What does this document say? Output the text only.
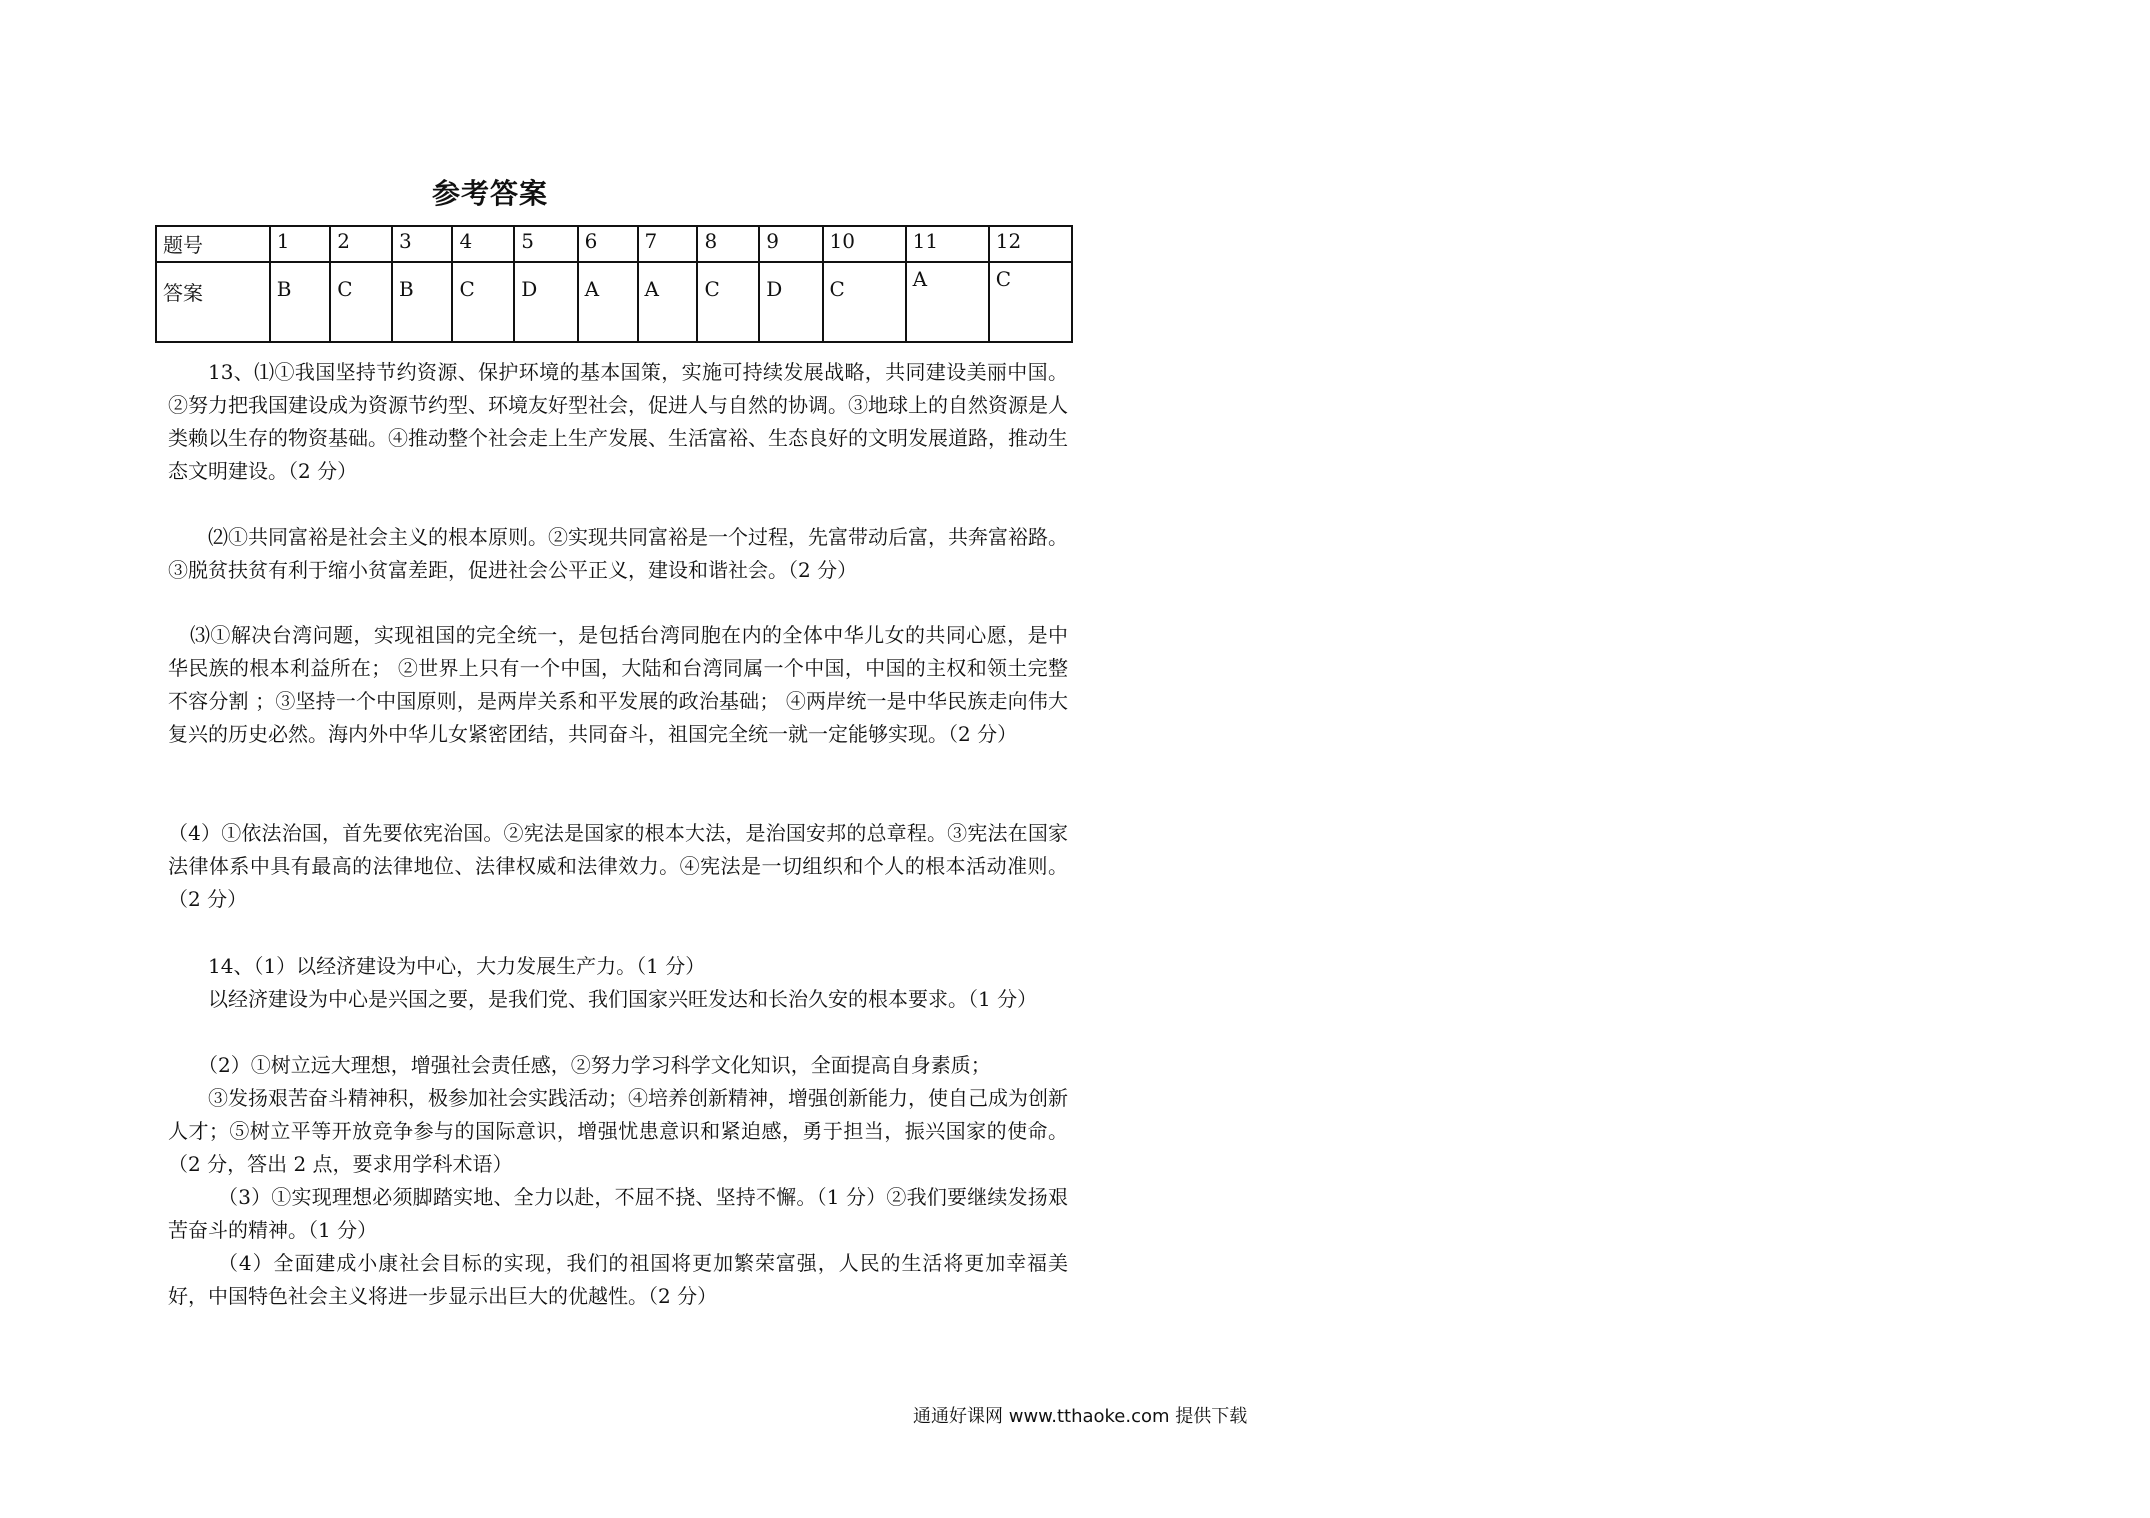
参考答案
题号	1	2	3	4	5	6	7	8	9	10	11	12
答案	B	C	B	C	D	A	A	C	D	C	A	C
13、⑴①我国坚持节约资源、保护环境的基本国策，实施可持续发展战略，共同建设美丽中国。②努力把我国建设成为资源节约型、环境友好型社会，促进人与自然的协调。③地球上的自然资源是人类赖以生存的物资基础。④推动整个社会走上生产发展、生活富裕、生态良好的文明发展道路，推动生态文明建设。（2 分）
⑵①共同富裕是社会主义的根本原则。②实现共同富裕是一个过程，先富带动后富，共奔富裕路。 ③脱贫扶贫有利于缩小贫富差距，促进社会公平正义，建设和谐社会。（2 分）
⑶①解决台湾问题，实现祖国的完全统一，是包括台湾同胞在内的全体中华儿女的共同心愿，是中华民族的根本利益所在； ②世界上只有一个中国，大陆和台湾同属一个中国，中国的主权和领土完整不容分割 ；③坚持一个中国原则，是两岸关系和平发展的政治基础； ④两岸统一是中华民族走向伟大复兴的历史必然。海内外中华儿女紧密团结，共同奋斗，祖国完全统一就一定能够实现。（2 分）
（4）①依法治国，首先要依宪治国。②宪法是国家的根本大法，是治国安邦的总章程。③宪法在国家法律体系中具有最高的法律地位、法律权威和法律效力。④宪法是一切组织和个人的根本活动准则。（2 分）
14、（1）以经济建设为中心，大力发展生产力。（1 分）
以经济建设为中心是兴国之要，是我们党、我们国家兴旺发达和长治久安的根本要求。（1 分）
（2）①树立远大理想，增强社会责任感，②努力学习科学文化知识，全面提高自身素质；
③发扬艰苦奋斗精神积，极参加社会实践活动；④培养创新精神，增强创新能力，使自己成为创新人才；⑤树立平等开放竞争参与的国际意识，增强忧患意识和紧迫感，勇于担当，振兴国家的使命。（2 分，答出 2 点，要求用学科术语）
（3）①实现理想必须脚踏实地、全力以赴，不屈不挠、坚持不懈。（1 分）②我们要继续发扬艰苦奋斗的精神。（1 分）
（4）全面建成小康社会目标的实现，我们的祖国将更加繁荣富强，人民的生活将更加幸福美好，中国特色社会主义将进一步显示出巨大的优越性。（2 分）
通通好课网 www.tthaoke.com 提供下载
